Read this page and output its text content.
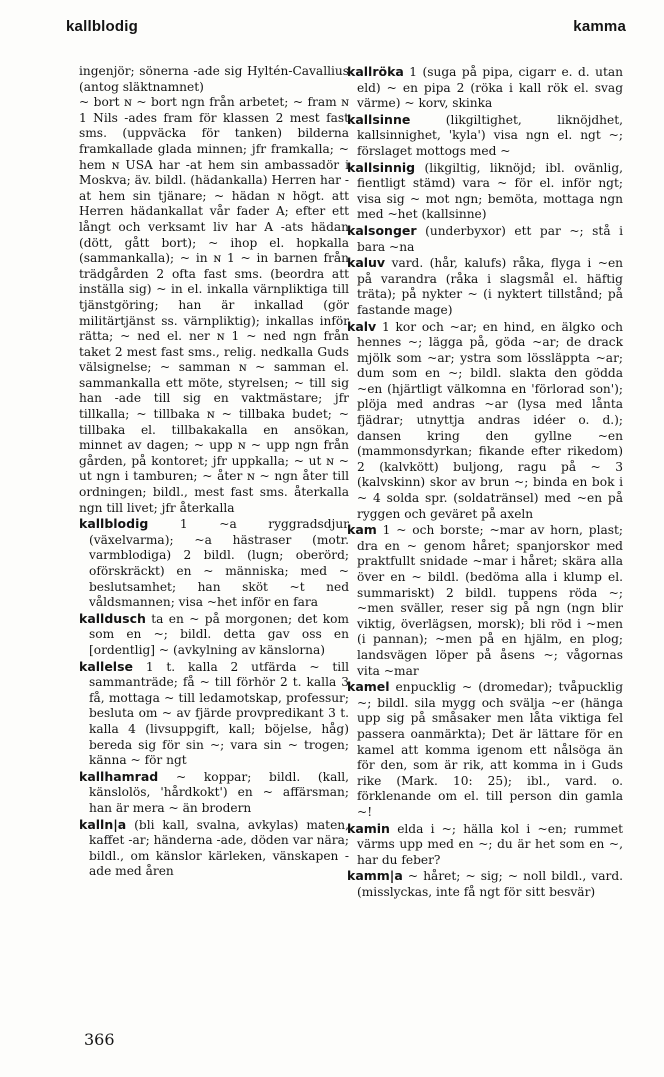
kallblodig	kamma

ingenjör; sönerna -ade sig Hyltén-Cavallius (antog släktnamnet)

~ bort ɴ ~ bort ngn från arbetet; ~ fram ɴ 1 Nils -ades fram för klassen 2 mest fast sms. (uppväcka för tanken) bilderna framkallade glada minnen; jfr framkalla; ~ hem ɴ USA har -at hem sin ambassadör i Moskva; äv. bildl. (hädankalla) Herren har -at hem sin tjänare; ~ hädan ɴ högt. att Herren hädankallat vår fader A; efter ett långt och verksamt liv har A -ats hädan (dött, gått bort); ~ ihop el. hopkalla (sammankalla); ~ in ɴ 1 ~ in barnen från trädgården 2 ofta fast sms. (beordra att inställa sig) ~ in el. inkalla värnpliktiga till tjänstgöring; han är inkallad (gör militärtjänst ss. värnpliktig); inkallas inför rätta; ~ ned el. ner ɴ 1 ~ ned ngn från taket 2 mest fast sms., relig. nedkalla Guds välsignelse; ~ samman ɴ ~ samman el. sammankalla ett möte, styrelsen; ~ till sig han -ade till sig en vaktmästare; jfr tillkalla; ~ tillbaka ɴ ~ tillbaka budet; ~ tillbaka el. tillbakakalla en ansökan, minnet av dagen; ~ upp ɴ ~ upp ngn från gården, på kontoret; jfr uppkalla; ~ ut ɴ ~ ut ngn i tamburen; ~ åter ɴ ~ ngn åter till ordningen; bildl., mest fast sms. återkalla ngn till livet; jfr återkalla

kallblodig	1 ~a ryggradsdjur (växelvarma); ~a hästraser (motr. varmblodiga) 2 bildl. (lugn; oberörd; oförskräckt) en ~ människa; med ~ beslutsamhet; han sköt ~t ned våldsmannen; visa ~het inför en fara

kalldusch ta en ~ på morgonen; det kom som en ~; bildl. detta gav oss en [ordentlig] ~ (avkylning av känslorna)

kallelse 1 t. kalla 2 utfärda ~ till sammanträde; få ~ till förhör 2 t. kalla 3 få, mottaga ~ till ledamotskap, professur; besluta om ~ av fjärde provpredikant 3 t. kalla 4 (livsuppgift, kall; böjelse, håg) bereda sig för sin ~; vara sin ~ trogen; känna ~ för ngt

kallhamrad ~ koppar; bildl. (kall, känslolös, 'hårdkokt') en ~ affärsman; han är mera ~ än brodern

kalln|a (bli kall, svalna, avkylas) maten, kaffet -ar; händerna -ade, döden var nära; bildl., om känslor kärleken, vänskapen -ade med åren

kallröka 1 (suga på pipa, cigarr e. d. utan eld) ~ en pipa 2 (röka i kall rök el. svag värme) ~ korv, skinka

kallsinne	(likgiltighet, liknöjdhet, kallsinnighet, 'kyla') visa ngn el. ngt ~; förslaget mottogs med ~

kallsinnig (likgiltig, liknöjd; ibl. ovänlig, fientligt stämd) vara ~ för el. inför ngt; visa sig ~ mot ngn; bemöta, mottaga ngn med ~het (kallsinne)

kalsonger (underbyxor) ett par ~; stå i bara ~na

kaluv vard. (hår, kalufs) råka, flyga i ~en på varandra (råka i slagsmål el. häftig träta); på nykter ~ (i nyktert tillstånd; på fastande mage)

kalv 1 kor och ~ar; en hind, en älgko och hennes ~; lägga på, göda ~ar; de drack mjölk som ~ar; ystra som lössläppta ~ar; dum som en ~; bildl. slakta den gödda ~en (hjärtligt välkomna en 'förlorad son'); plöja med andras ~ar (lysa med lånta fjädrar; utnyttja andras idéer o. d.); dansen kring den gyllne ~en (mammonsdyrkan; fikande efter rikedom) 2 (kalvkött) buljong, ragu på ~ 3 (kalvskinn) skor av brun ~; binda en bok i ~ 4 solda spr. (soldatränsel) med ~en på ryggen och geväret på axeln

kam 1 ~ och borste; ~mar av horn, plast; dra en ~ genom håret; spanjorskor med praktfullt snidade ~mar i håret; skära alla över en ~ bildl. (bedöma alla i klump el. summariskt) 2 bildl. tuppens röda ~; ~men sväller, reser sig på ngn (ngn blir viktig, överlägsen, morsk); bli röd i ~men (i pannan); ~men på en hjälm, en plog; landsvägen löper på åsens ~; vågornas vita ~mar

kamel enpucklig ~ (dromedar); tvåpucklig ~; bildl. sila mygg och svälja ~er (hänga upp sig på småsaker men låta viktiga fel passera oanmärkta); Det är lättare för en kamel att komma igenom ett nålsöga än för den, som är rik, att komma in i Guds rike (Mark. 10: 25); ibl., vard. o. förklenande om el. till person din gamla ~!

kamin elda i ~; hälla kol i ~en; rummet värms upp med en ~; du är het som en ~, har du feber?

kamm|a ~ håret; ~ sig; ~ noll bildl., vard. (misslyckas, inte få ngt för sitt besvär)

366
